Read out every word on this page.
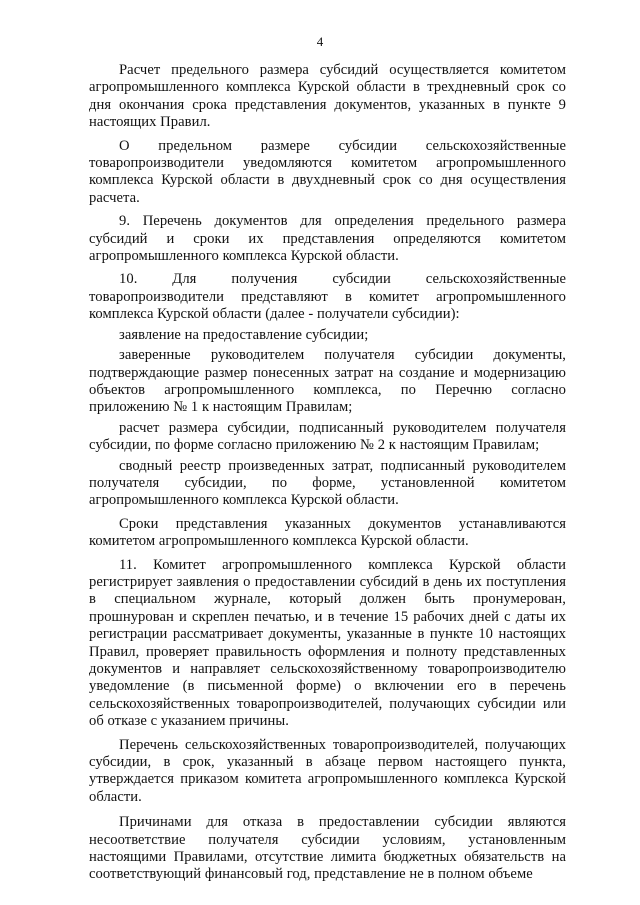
4

Расчет предельного размера субсидий осуществляется комитетом агропромышленного комплекса Курской области в трехдневный срок со дня окончания срока представления документов, указанных в пункте 9 настоящих Правил.

О предельном размере субсидии сельскохозяйственные товаропроизводители уведомляются комитетом агропромышленного комплекса Курской области в двухдневный срок со дня осуществления расчета.

9. Перечень документов для определения предельного размера субсидий и сроки их представления определяются комитетом агропромышленного комплекса Курской области.

10. Для получения субсидии сельскохозяйственные товаропроизводители представляют в комитет агропромышленного комплекса Курской области (далее - получатели субсидии):

заявление на предоставление субсидии;

заверенные руководителем получателя субсидии документы, подтверждающие размер понесенных затрат на создание и модернизацию объектов агропромышленного комплекса, по Перечню согласно приложению № 1 к настоящим Правилам;

расчет размера субсидии, подписанный руководителем получателя субсидии, по форме согласно приложению № 2 к настоящим Правилам;

сводный реестр произведенных затрат, подписанный руководителем получателя субсидии, по форме, установленной комитетом агропромышленного комплекса Курской области.

Сроки представления указанных документов устанавливаются комитетом агропромышленного комплекса Курской области.

11. Комитет агропромышленного комплекса Курской области регистрирует заявления о предоставлении субсидий в день их поступления в специальном журнале, который должен быть пронумерован, прошнурован и скреплен печатью, и в течение 15 рабочих дней с даты их регистрации рассматривает документы, указанные в пункте 10 настоящих Правил, проверяет правильность оформления и полноту представленных документов и направляет сельскохозяйственному товаропроизводителю уведомление (в письменной форме) о включении его в перечень сельскохозяйственных товаропроизводителей, получающих субсидии или об отказе с указанием причины.

Перечень сельскохозяйственных товаропроизводителей, получающих субсидии, в срок, указанный в абзаце первом настоящего пункта, утверждается приказом комитета агропромышленного комплекса Курской области.

Причинами для отказа в предоставлении субсидии являются несоответствие получателя субсидии условиям, установленным настоящими Правилами, отсутствие лимита бюджетных обязательств на соответствующий финансовый год, представление не в полном объеме
